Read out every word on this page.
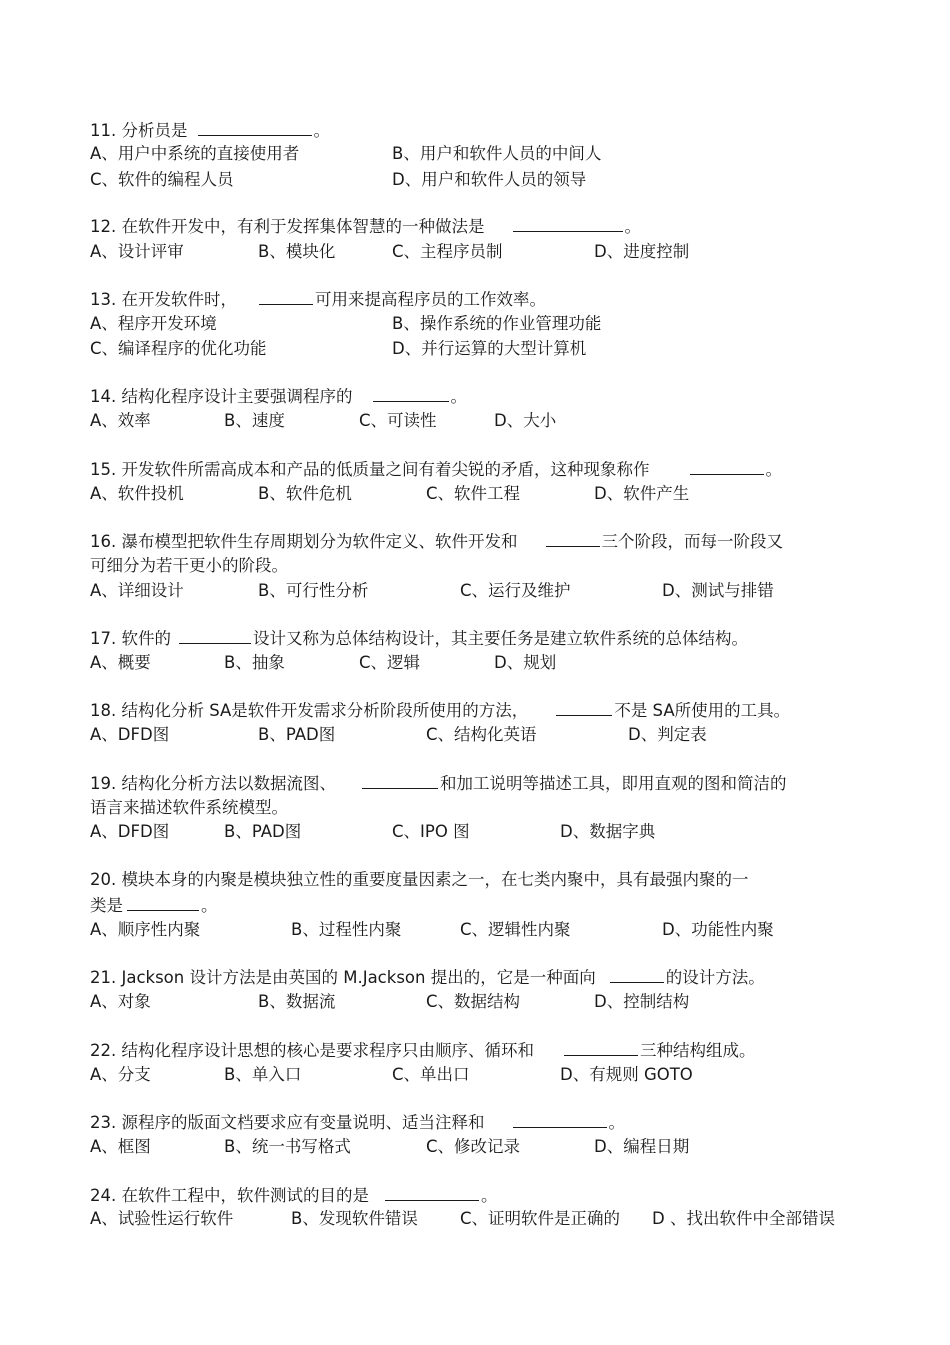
11. 分析员是	。
A、用户中系统的直接使用者	B、用户和软件人员的中间人
C、软件的编程人员	D、用户和软件人员的领导
12. 在软件开发中，有利于发挥集体智慧的一种做法是	。
A、设计评审	B、模块化	C、主程序员制	D、进度控制
13. 在开发软件时，	可用来提高程序员的工作效率。
A、程序开发环境	B、操作系统的作业管理功能
C、编译程序的优化功能	D、并行运算的大型计算机
14. 结构化程序设计主要强调程序的	。
A、效率	B、速度	C、可读性	D、大小
15. 开发软件所需高成本和产品的低质量之间有着尖锐的矛盾，这种现象称作	。
A、软件投机	B、软件危机	C、软件工程	D、软件产生
16. 瀑布模型把软件生存周期划分为软件定义、软件开发和	三个阶段，而每一阶段又
可细分为若干更小的阶段。
A、详细设计	B、可行性分析	C、运行及维护	D、测试与排错
17. 软件的	设计又称为总体结构设计，其主要任务是建立软件系统的总体结构。
A、概要	B、抽象	C、逻辑	D、规划
18. 结构化分析 SA是软件开发需求分析阶段所使用的方法，	不是 SA所使用的工具。
A、DFD图	B、PAD图	C、结构化英语	D、判定表
19. 结构化分析方法以数据流图、	和加工说明等描述工具，即用直观的图和简洁的
语言来描述软件系统模型。
A、DFD图	B、PAD图	C、IPO 图	D、数据字典
20. 模块本身的内聚是模块独立性的重要度量因素之一，在七类内聚中，具有最强内聚的一
类是	。
A、顺序性内聚	B、过程性内聚	C、逻辑性内聚	D、功能性内聚
21. Jackson 设计方法是由英国的 M.Jackson 提出的，它是一种面向	的设计方法。
A、对象	B、数据流	C、数据结构	D、控制结构
22. 结构化程序设计思想的核心是要求程序只由顺序、循环和	三种结构组成。
A、分支	B、单入口	C、单出口	D、有规则 GOTO
23. 源程序的版面文档要求应有变量说明、适当注释和	。
A、框图	B、统一书写格式	C、修改记录	D、编程日期
24. 在软件工程中，软件测试的目的是	。
A、试验性运行软件	B、发现软件错误	C、证明软件是正确的 D 、找出软件中全部错误
